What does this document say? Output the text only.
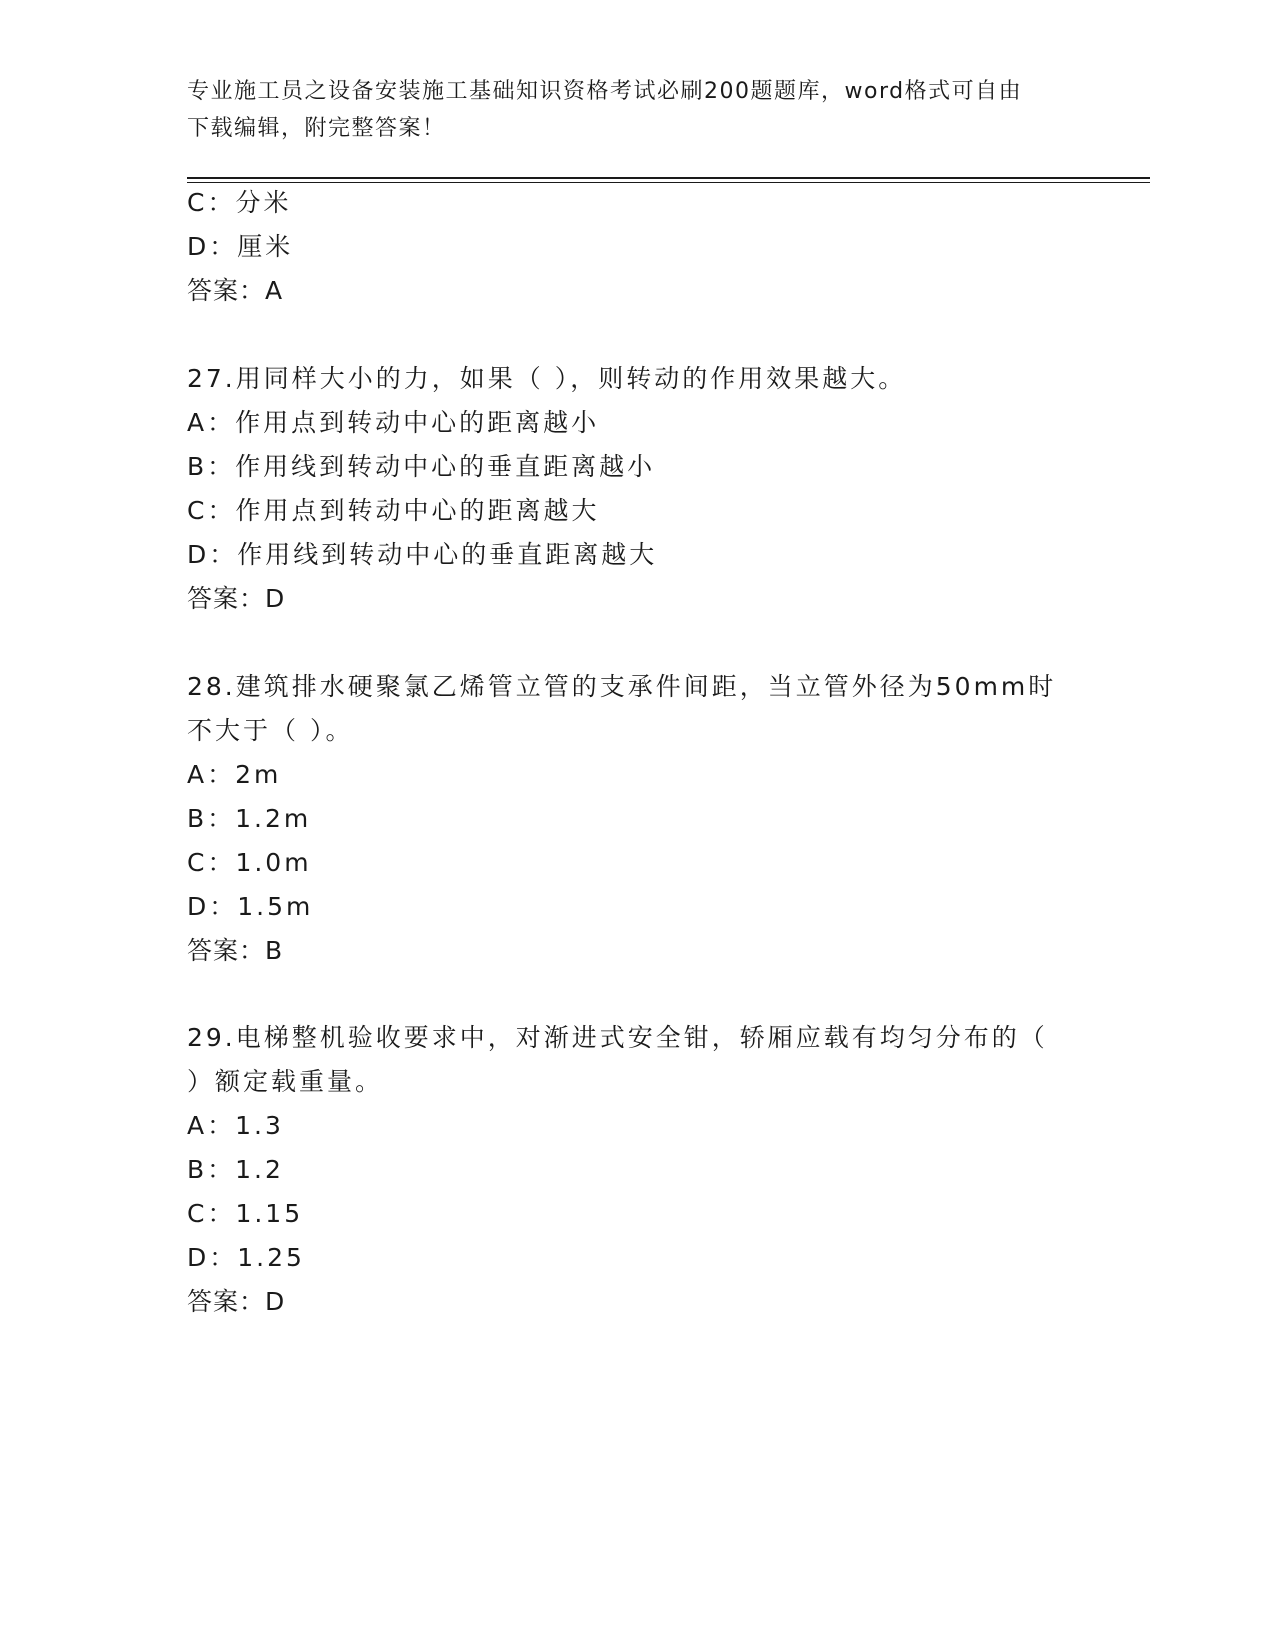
专业施工员之设备安装施工基础知识资格考试必刷200题题库，word格式可自由
下载编辑，附完整答案！
C：分米
D：厘米
答案：A
27.用同样大小的力，如果（ ），则转动的作用效果越大。
A：作用点到转动中心的距离越小
B：作用线到转动中心的垂直距离越小
C：作用点到转动中心的距离越大
D：作用线到转动中心的垂直距离越大
答案：D
28.建筑排水硬聚氯乙烯管立管的支承件间距，当立管外径为50mm时
不大于（ ）。
A：2m
B：1.2m
C：1.0m
D：1.5m
答案：B
29.电梯整机验收要求中，对渐进式安全钳，轿厢应载有均匀分布的（
）额定载重量。
A：1.3
B：1.2
C：1.15
D：1.25
答案：D
